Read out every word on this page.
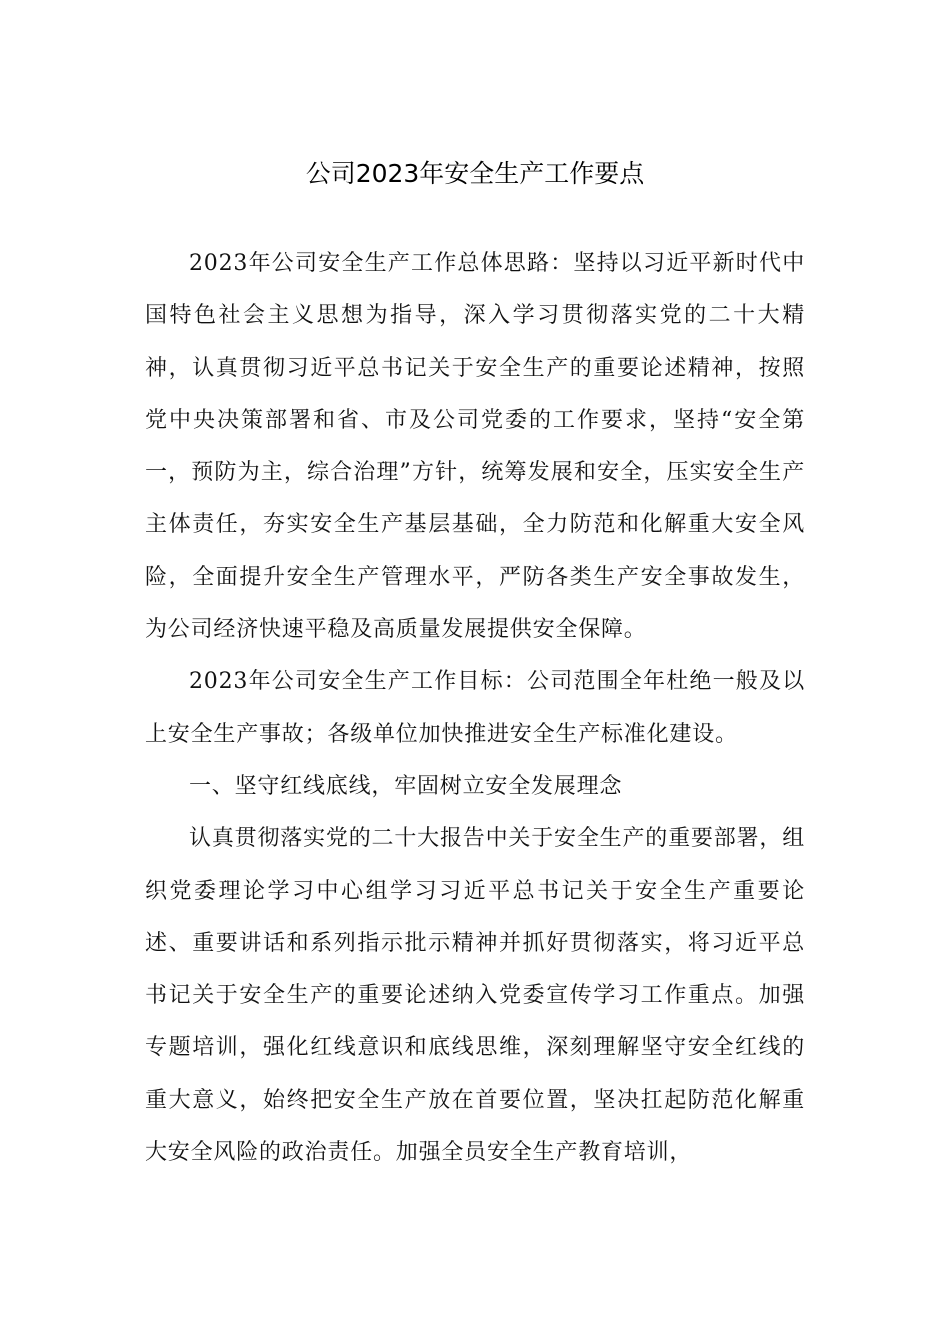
公司2023年安全生产工作要点

2023年公司安全生产工作总体思路：坚持以习近平新时代中国特色社会主义思想为指导，深入学习贯彻落实党的二十大精神，认真贯彻习近平总书记关于安全生产的重要论述精神，按照党中央决策部署和省、市及公司党委的工作要求，坚持“安全第一，预防为主，综合治理”方针，统筹发展和安全，压实安全生产主体责任，夯实安全生产基层基础，全力防范和化解重大安全风险，全面提升安全生产管理水平，严防各类生产安全事故发生，为公司经济快速平稳及高质量发展提供安全保障。

2023年公司安全生产工作目标：公司范围全年杜绝一般及以上安全生产事故；各级单位加快推进安全生产标准化建设。

一、坚守红线底线，牢固树立安全发展理念

认真贯彻落实党的二十大报告中关于安全生产的重要部署，组织党委理论学习中心组学习习近平总书记关于安全生产重要论述、重要讲话和系列指示批示精神并抓好贯彻落实，将习近平总书记关于安全生产的重要论述纳入党委宣传学习工作重点。加强专题培训，强化红线意识和底线思维，深刻理解坚守安全红线的重大意义，始终把安全生产放在首要位置，坚决扛起防范化解重大安全风险的政治责任。加强全员安全生产教育培训，
